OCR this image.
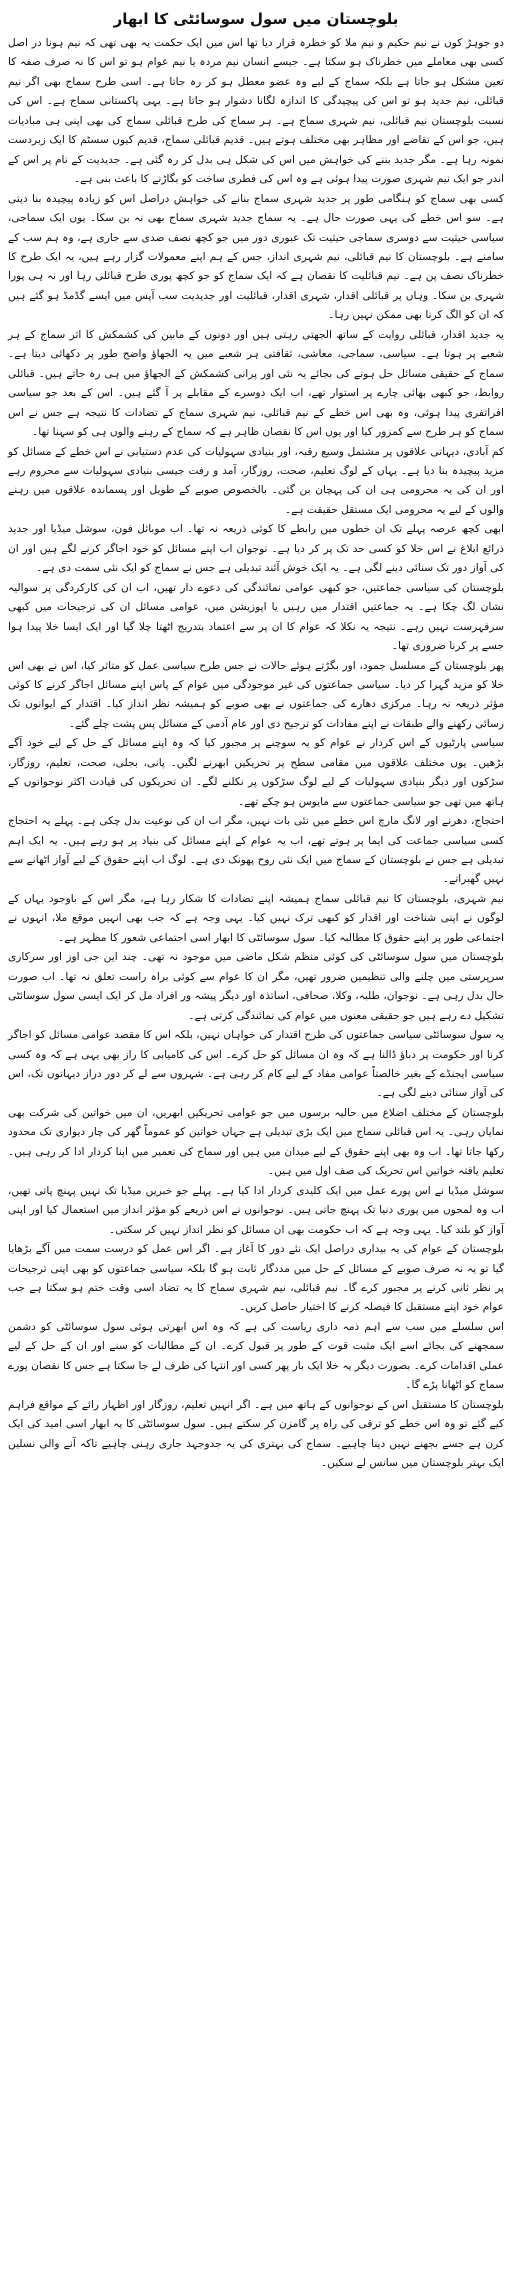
بلوچستان میں سول سوسائٹی کا ابھار

دو جوہڑ کوں نے نیم حکیم و نیم ملا کو خطرہ قرار دیا تھا اس میں ایک حکمت یہ بھی تھی کہ نیم ہونا در اصل کسی بھی معاملے میں خطرناک ہو سکتا ہے۔ جیسے انسان نیم مردہ یا نیم عوام ہو تو اس کا نہ صرف صفہ کا تعین مشکل ہو جاتا ہے بلکہ سماج کے لیے وہ عضو معطل ہو کر رہ جاتا ہے۔ اسی طرح سماج بھی اگر نیم قبائلی، نیم جدید ہو تو اس کی پیچیدگی کا اندازہ لگانا دشوار ہو جاتا ہے۔ یہی پاکستانی سماج ہے۔ اس کی نسبت بلوچستان نیم قبائلی، نیم شہری سماج ہے۔ ہر سماج کی طرح قبائلی سماج کی بھی اپنی ہی مبادیات ہیں، جو اس کے تقاضے اور مظاہر بھی مختلف ہوتے ہیں۔ قدیم قبائلی سماج، قدیم کیوں سسٹم کا ایک زبردست نمونہ رہا ہے۔ مگر جدید بننے کی خواہش میں اس کی شکل ہی بدل کر رہ گئی ہے۔ جدیدیت کے نام پر اس کے اندر جو ایک نیم شہری صورت پیدا ہوئی ہے وہ اس کی فطری ساخت کو بگاڑنے کا باعث بنی ہے۔

کسی بھی سماج کو ہنگامی طور پر جدید شہری سماج بنانے کی خواہش دراصل اس کو زیادہ پیچیدہ بنا دیتی ہے۔ سو اس خطے کی یہی صورت حال ہے۔ یہ سماج جدید شہری سماج بھی نہ بن سکا۔ یوں ایک سماجی، سیاسی حیثیت سے دوسری سماجی حیثیت تک عبوری دور میں جو کچھ نصف صدی سے جاری ہے، وہ ہم سب کے سامنے ہے۔ بلوچستان کا نیم قبائلی، نیم شہری انداز، جس کے ہم اپنے معمولات گزار رہے ہیں، یہ ایک طرح کا خطرناک نصف پن ہے۔ نیم قبائلیت کا نقصان ہے کہ ایک سماج کو جو کچھ پوری طرح قبائلی رہا اور نہ ہی پورا شہری بن سکا۔ وہاں پر قبائلی اقدار، شہری اقدار، قبائلیت اور جدیدیت سب آپس میں ایسے گڈمڈ ہو گئے ہیں کہ ان کو الگ کرنا بھی ممکن نہیں رہا۔

یہ جدید اقدار، قبائلی روایت کے ساتھ الجھتی رہتی ہیں اور دونوں کے مابین کی کشمکش کا اثر سماج کے ہر شعبے پر ہوتا ہے۔ سیاسی، سماجی، معاشی، ثقافتی ہر شعبے میں یہ الجھاؤ واضح طور پر دکھائی دیتا ہے۔ سماج کے حقیقی مسائل حل ہونے کی بجائے یہ نئی اور پرانی کشمکش کے الجھاؤ میں ہی رہ جاتے ہیں۔ قبائلی روابط، جو کبھی بھائی چارے پر استوار تھے، اب ایک دوسرے کے مقابلے پر آ گئے ہیں۔ اس کے بعد جو سیاسی افراتفری پیدا ہوئی، وہ بھی اس خطے کے نیم قبائلی، نیم شہری سماج کے تضادات کا نتیجہ ہے جس نے اس سماج کو ہر طرح سے کمزور کیا اور یوں اس کا نقصان ظاہر ہے کہ سماج کے رہنے والوں ہی کو سہنا تھا۔

کم آبادی، دیہاتی علاقوں پر مشتمل وسیع رقبہ، اور بنیادی سہولیات کی عدم دستیابی نے اس خطے کے مسائل کو مزید پیچیدہ بنا دیا ہے۔ یہاں کے لوگ تعلیم، صحت، روزگار، آمد و رفت جیسی بنیادی سہولیات سے محروم رہے اور ان کی یہ محرومی ہی ان کی پہچان بن گئی۔ بالخصوص صوبے کے طویل اور پسماندہ علاقوں میں رہنے والوں کے لیے یہ محرومی ایک مستقل حقیقت ہے۔

ابھی کچھ عرصہ پہلے تک ان خطوں میں رابطے کا کوئی ذریعہ نہ تھا۔ اب موبائل فون، سوشل میڈیا اور جدید ذرائع ابلاغ نے اس خلا کو کسی حد تک پر کر دیا ہے۔ نوجوان اب اپنے مسائل کو خود اجاگر کرنے لگے ہیں اور ان کی آواز دور تک سنائی دینے لگی ہے۔ یہ ایک خوش آئند تبدیلی ہے جس نے سماج کو ایک نئی سمت دی ہے۔

بلوچستان کی سیاسی جماعتیں، جو کبھی عوامی نمائندگی کی دعوے دار تھیں، اب ان کی کارکردگی پر سوالیہ نشان لگ چکا ہے۔ یہ جماعتیں اقتدار میں رہیں یا اپوزیشن میں، عوامی مسائل ان کی ترجیحات میں کبھی سرفہرست نہیں رہے۔ نتیجہ یہ نکلا کہ عوام کا ان پر سے اعتماد بتدریج اٹھتا چلا گیا اور ایک ایسا خلا پیدا ہوا جسے پر کرنا ضروری تھا۔

پھر بلوچستان کے مسلسل جمود، اور بگڑتے ہوئے حالات نے جس طرح سیاسی عمل کو متاثر کیا، اس نے بھی اس خلا کو مزید گہرا کر دیا۔ سیاسی جماعتوں کی غیر موجودگی میں عوام کے پاس اپنے مسائل اجاگر کرنے کا کوئی مؤثر ذریعہ نہ رہا۔ مرکزی دھارے کی جماعتوں نے بھی صوبے کو ہمیشہ نظر انداز کیا۔ اقتدار کے ایوانوں تک رسائی رکھنے والے طبقات نے اپنے مفادات کو ترجیح دی اور عام آدمی کے مسائل پس پشت چلے گئے۔

سیاسی پارٹیوں کے اس کردار نے عوام کو یہ سوچنے پر مجبور کیا کہ وہ اپنے مسائل کے حل کے لیے خود آگے بڑھیں۔ یوں مختلف علاقوں میں مقامی سطح پر تحریکیں ابھرنے لگیں۔ پانی، بجلی، صحت، تعلیم، روزگار، سڑکوں اور دیگر بنیادی سہولیات کے لیے لوگ سڑکوں پر نکلنے لگے۔ ان تحریکوں کی قیادت اکثر نوجوانوں کے ہاتھ میں تھی جو سیاسی جماعتوں سے مایوس ہو چکے تھے۔

احتجاج، دھرنے اور لانگ مارچ اس خطے میں نئی بات نہیں، مگر اب ان کی نوعیت بدل چکی ہے۔ پہلے یہ احتجاج کسی سیاسی جماعت کی ایما پر ہوتے تھے، اب یہ عوام کے اپنے مسائل کی بنیاد پر ہو رہے ہیں۔ یہ ایک اہم تبدیلی ہے جس نے بلوچستان کے سماج میں ایک نئی روح پھونک دی ہے۔ لوگ اب اپنے حقوق کے لیے آواز اٹھانے سے نہیں گھبراتے۔

نیم شہری، بلوچستان کا نیم قبائلی سماج ہمیشہ اپنے تضادات کا شکار رہا ہے، مگر اس کے باوجود یہاں کے لوگوں نے اپنی شناخت اور اقدار کو کبھی ترک نہیں کیا۔ یہی وجہ ہے کہ جب بھی انہیں موقع ملا، انہوں نے اجتماعی طور پر اپنے حقوق کا مطالبہ کیا۔ سول سوسائٹی کا ابھار اسی اجتماعی شعور کا مظہر ہے۔

بلوچستان میں سول سوسائٹی کی کوئی منظم شکل ماضی میں موجود نہ تھی۔ چند این جی اوز اور سرکاری سرپرستی میں چلنے والی تنظیمیں ضرور تھیں، مگر ان کا عوام سے کوئی براہ راست تعلق نہ تھا۔ اب صورت حال بدل رہی ہے۔ نوجوان، طلبہ، وکلا، صحافی، اساتذہ اور دیگر پیشہ ور افراد مل کر ایک ایسی سول سوسائٹی تشکیل دے رہے ہیں جو حقیقی معنوں میں عوام کی نمائندگی کرتی ہے۔

یہ سول سوسائٹی سیاسی جماعتوں کی طرح اقتدار کی خواہاں نہیں، بلکہ اس کا مقصد عوامی مسائل کو اجاگر کرنا اور حکومت پر دباؤ ڈالنا ہے کہ وہ ان مسائل کو حل کرے۔ اس کی کامیابی کا راز بھی یہی ہے کہ وہ کسی سیاسی ایجنڈے کے بغیر خالصتاً عوامی مفاد کے لیے کام کر رہی ہے۔ شہروں سے لے کر دور دراز دیہاتوں تک، اس کی آواز سنائی دینے لگی ہے۔

بلوچستان کے مختلف اضلاع میں حالیہ برسوں میں جو عوامی تحریکیں ابھریں، ان میں خواتین کی شرکت بھی نمایاں رہی۔ یہ اس قبائلی سماج میں ایک بڑی تبدیلی ہے جہاں خواتین کو عموماً گھر کی چار دیواری تک محدود رکھا جاتا تھا۔ اب وہ بھی اپنے حقوق کے لیے میدان میں ہیں اور سماج کی تعمیر میں اپنا کردار ادا کر رہی ہیں۔ تعلیم یافتہ خواتین اس تحریک کی صف اول میں ہیں۔

سوشل میڈیا نے اس پورے عمل میں ایک کلیدی کردار ادا کیا ہے۔ پہلے جو خبریں میڈیا تک نہیں پہنچ پاتی تھیں، اب وہ لمحوں میں پوری دنیا تک پہنچ جاتی ہیں۔ نوجوانوں نے اس ذریعے کو مؤثر انداز میں استعمال کیا اور اپنی آواز کو بلند کیا۔ یہی وجہ ہے کہ اب حکومت بھی ان مسائل کو نظر انداز نہیں کر سکتی۔

بلوچستان کے عوام کی یہ بیداری دراصل ایک نئے دور کا آغاز ہے۔ اگر اس عمل کو درست سمت میں آگے بڑھایا گیا تو یہ نہ صرف صوبے کے مسائل کے حل میں مددگار ثابت ہو گا بلکہ سیاسی جماعتوں کو بھی اپنی ترجیحات پر نظر ثانی کرنے پر مجبور کرے گا۔ نیم قبائلی، نیم شہری سماج کا یہ تضاد اسی وقت ختم ہو سکتا ہے جب عوام خود اپنے مستقبل کا فیصلہ کرنے کا اختیار حاصل کریں۔

اس سلسلے میں سب سے اہم ذمہ داری ریاست کی ہے کہ وہ اس ابھرتی ہوئی سول سوسائٹی کو دشمن سمجھنے کی بجائے اسے ایک مثبت قوت کے طور پر قبول کرے۔ ان کے مطالبات کو سنے اور ان کے حل کے لیے عملی اقدامات کرے۔ بصورت دیگر یہ خلا ایک بار پھر کسی اور انتہا کی طرف لے جا سکتا ہے جس کا نقصان پورے سماج کو اٹھانا پڑے گا۔

بلوچستان کا مستقبل اس کے نوجوانوں کے ہاتھ میں ہے۔ اگر انہیں تعلیم، روزگار اور اظہار رائے کے مواقع فراہم کیے گئے تو وہ اس خطے کو ترقی کی راہ پر گامزن کر سکتے ہیں۔ سول سوسائٹی کا یہ ابھار اسی امید کی ایک کرن ہے جسے بجھنے نہیں دینا چاہیے۔ سماج کی بہتری کی یہ جدوجہد جاری رہنی چاہیے تاکہ آنے والی نسلیں ایک بہتر بلوچستان میں سانس لے سکیں۔
